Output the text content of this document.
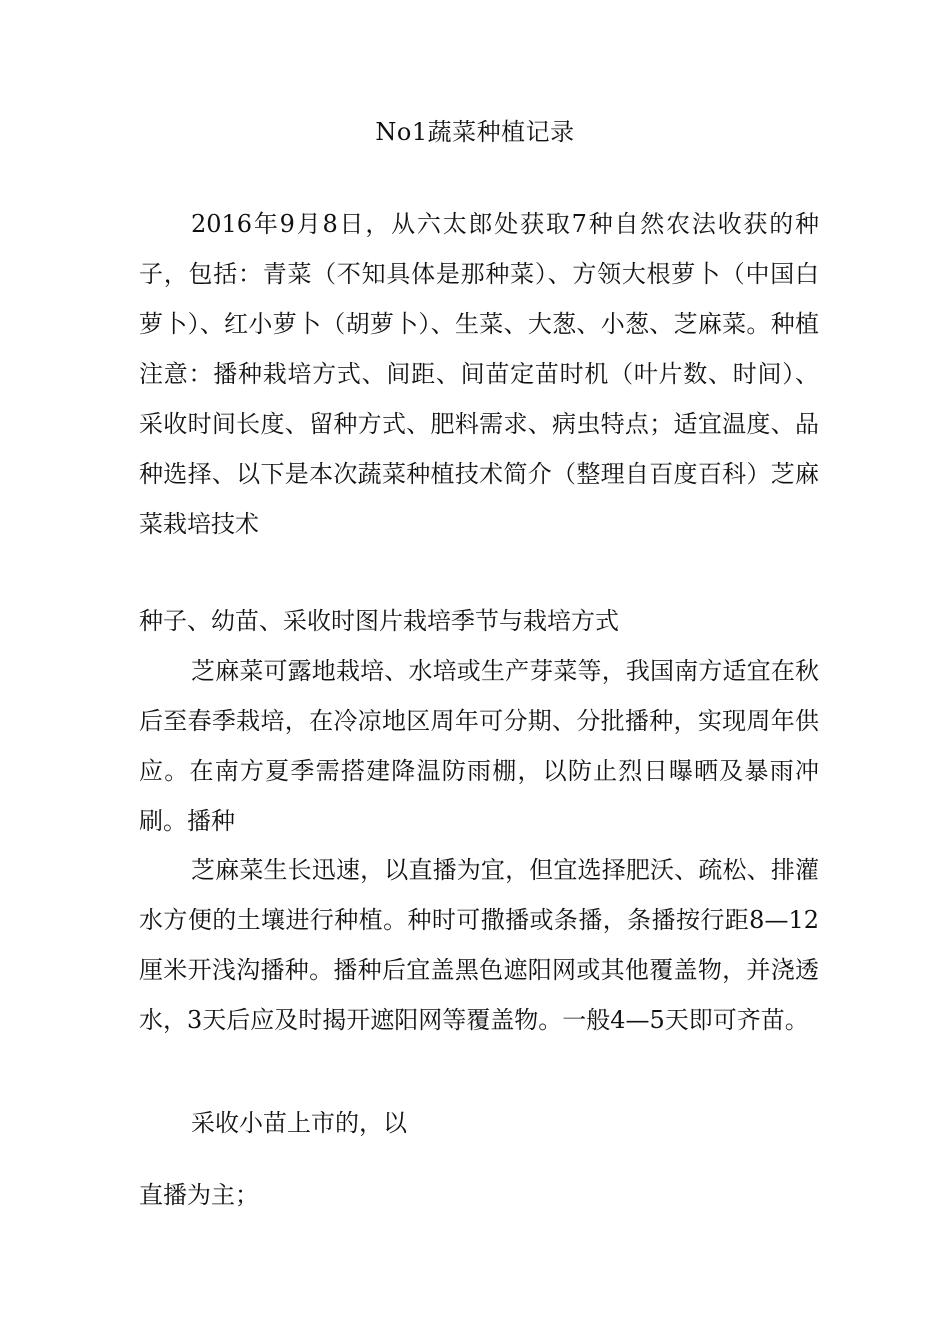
No1蔬菜种植记录

2016年9月8日，从六太郎处获取7种自然农法收获的种子，包括：青菜（不知具体是那种菜）、方领大根萝卜（中国白萝卜）、红小萝卜（胡萝卜）、生菜、大葱、小葱、芝麻菜。种植注意：播种栽培方式、间距、间苗定苗时机（叶片数、时间）、采收时间长度、留种方式、肥料需求、病虫特点；适宜温度、品种选择、以下是本次蔬菜种植技术简介（整理自百度百科）芝麻菜栽培技术

种子、幼苗、采收时图片栽培季节与栽培方式

芝麻菜可露地栽培、水培或生产芽菜等，我国南方适宜在秋后至春季栽培，在冷凉地区周年可分期、分批播种，实现周年供应。在南方夏季需搭建降温防雨棚，以防止烈日曝晒及暴雨冲刷。播种

芝麻菜生长迅速，以直播为宜，但宜选择肥沃、疏松、排灌水方便的土壤进行种植。种时可撒播或条播，条播按行距8—12厘米开浅沟播种。播种后宜盖黑色遮阳网或其他覆盖物，并浇透水，3天后应及时揭开遮阳网等覆盖物。一般4—5天即可齐苗。

采收小苗上市的，以

直播为主；
